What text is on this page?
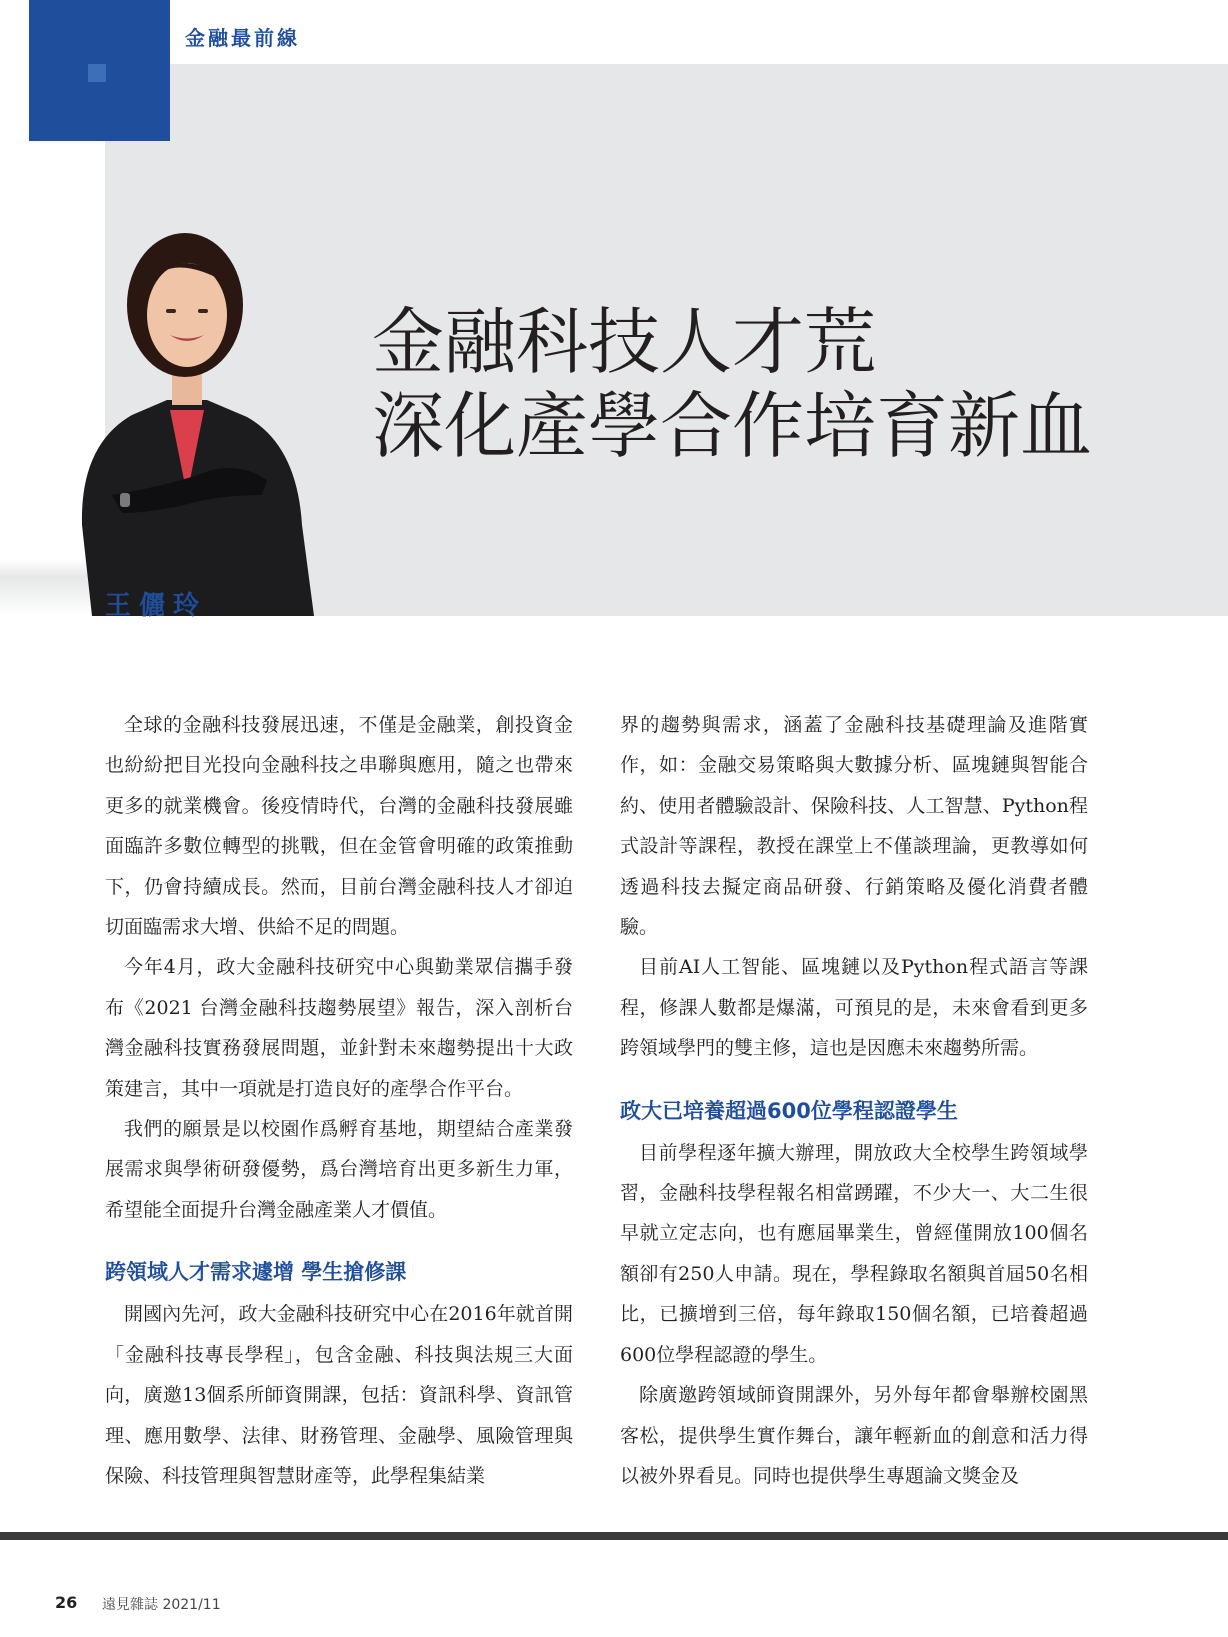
金融最前線
金融科技人才荒
深化產學合作培育新血
王儷玲

全球的金融科技發展迅速，不僅是金融業，創投資金也紛紛把目光投向金融科技之串聯與應用，隨之也帶來更多的就業機會。後疫情時代，台灣的金融科技發展雖面臨許多數位轉型的挑戰，但在金管會明確的政策推動下，仍會持續成長。然而，目前台灣金融科技人才卻迫切面臨需求大增、供給不足的問題。

今年4月，政大金融科技研究中心與勤業眾信攜手發布《2021 台灣金融科技趨勢展望》報告，深入剖析台灣金融科技實務發展問題，並針對未來趨勢提出十大政策建言，其中一項就是打造良好的產學合作平台。

我們的願景是以校園作爲孵育基地，期望結合產業發展需求與學術研發優勢，爲台灣培育出更多新生力軍，希望能全面提升台灣金融產業人才價值。

跨領域人才需求遽增 學生搶修課

開國內先河，政大金融科技研究中心在2016年就首開「金融科技專長學程」，包含金融、科技與法規三大面向，廣邀13個系所師資開課，包括：資訊科學、資訊管理、應用數學、法律、財務管理、金融學、風險管理與保險、科技管理與智慧財產等，此學程集結業

界的趨勢與需求，涵蓋了金融科技基礎理論及進階實作，如：金融交易策略與大數據分析、區塊鏈與智能合約、使用者體驗設計、保險科技、人工智慧、Python程式設計等課程，教授在課堂上不僅談理論，更教導如何透過科技去擬定商品研發、行銷策略及優化消費者體驗。

目前AI人工智能、區塊鏈以及Python程式語言等課程，修課人數都是爆滿，可預見的是，未來會看到更多跨領域學門的雙主修，這也是因應未來趨勢所需。

政大已培養超過600位學程認證學生

目前學程逐年擴大辦理，開放政大全校學生跨領域學習，金融科技學程報名相當踴躍，不少大一、大二生很早就立定志向，也有應屆畢業生，曾經僅開放100個名額卻有250人申請。現在，學程錄取名額與首屆50名相比，已擴增到三倍，每年錄取150個名額，已培養超過600位學程認證的學生。

除廣邀跨領域師資開課外，另外每年都會舉辦校園黑客松，提供學生實作舞台，讓年輕新血的創意和活力得以被外界看見。同時也提供學生專題論文獎金及

26 遠見雜誌 2021/11
